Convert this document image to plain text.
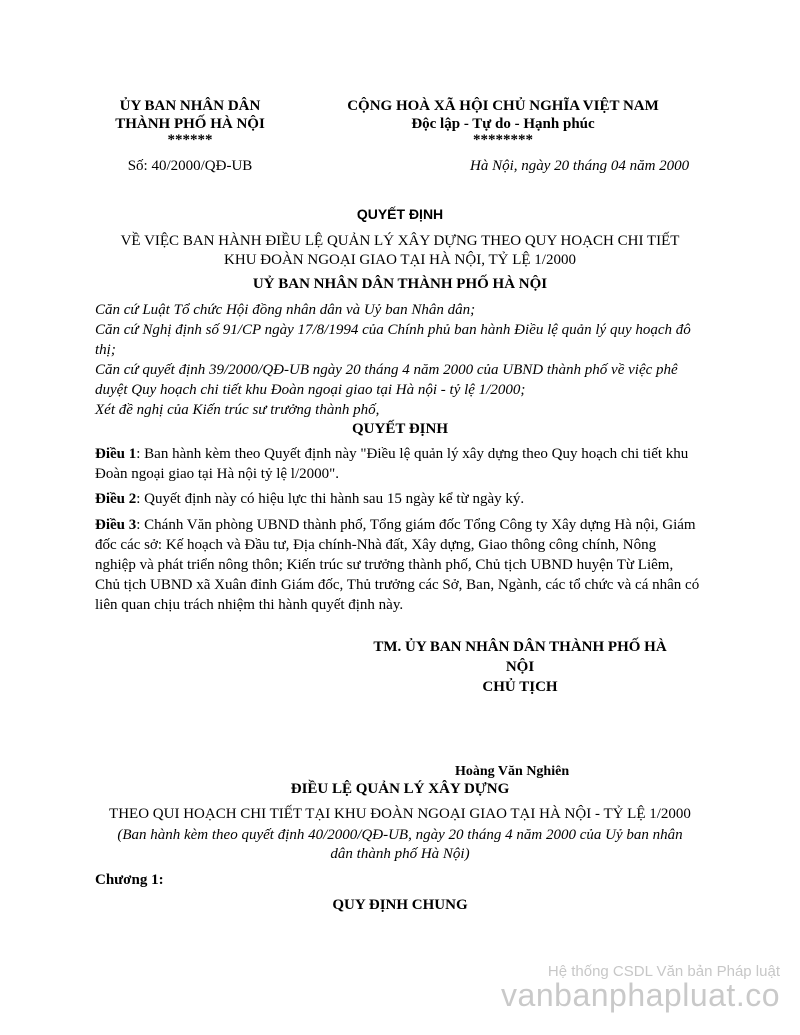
ỦY BAN NHÂN DÂN
THÀNH PHỐ HÀ NỘI
******
Số: 40/2000/QĐ-UB
CỘNG HOÀ XÃ HỘI CHỦ NGHĨA VIỆT NAM
Độc lập - Tự do - Hạnh phúc
********
Hà Nội, ngày 20 tháng 04 năm 2000
QUYẾT ĐỊNH
VỀ VIỆC BAN HÀNH ĐIỀU LỆ QUẢN LÝ XÂY DỰNG THEO QUY HOẠCH CHI TIẾT
KHU ĐOÀN NGOẠI GIAO TẠI HÀ NỘI, TỶ LỆ 1/2000
UỶ BAN NHÂN DÂN THÀNH PHỐ HÀ NỘI

Căn cứ Luật Tổ chức Hội đồng nhân dân và Uỷ ban Nhân dân;

Căn cứ Nghị định số 91/CP ngày 17/8/1994 của Chính phủ ban hành Điều lệ quản lý quy hoạch đô thị;

Căn cứ quyết định 39/2000/QĐ-UB ngày 20 tháng 4 năm 2000 của UBND thành phố về việc phê duyệt Quy hoạch chi tiết khu Đoàn ngoại giao tại Hà nội - tỷ lệ 1/2000;

Xét đề nghị của Kiến trúc sư trưởng thành phố,

QUYẾT ĐỊNH

Điều 1: Ban hành kèm theo Quyết định này "Điều lệ quản lý xây dựng theo Quy hoạch chi tiết khu Đoàn ngoại giao tại Hà nội tỷ lệ l/2000".

Điều 2: Quyết định này có hiệu lực thi hành sau 15 ngày kể từ ngày ký.

Điều 3: Chánh Văn phòng UBND thành phố, Tổng giám đốc Tổng Công ty Xây dựng Hà nội, Giám đốc các sở: Kế hoạch và Đầu tư, Địa chính-Nhà đất, Xây dựng, Giao thông công chính, Nông nghiệp và phát triển nông thôn; Kiến trúc sư trưởng thành phố, Chủ tịch UBND huyện Từ Liêm, Chủ tịch UBND xã Xuân đỉnh Giám đốc, Thủ trưởng các Sở, Ban, Ngành, các tổ chức và cá nhân có liên quan chịu trách nhiệm thi hành quyết định này.

TM. ỦY BAN NHÂN DÂN THÀNH PHỐ HÀ
NỘI
CHỦ TỊCH
Hoàng Văn Nghiên
ĐIỀU LỆ QUẢN LÝ XÂY DỰNG
THEO QUI HOẠCH CHI TIẾT TẠI KHU ĐOÀN NGOẠI GIAO TẠI HÀ NỘI - TỶ LỆ 1/2000
(Ban hành kèm theo quyết định 40/2000/QĐ-UB, ngày 20 tháng 4 năm 2000 của Uỷ ban nhân
dân thành phố Hà Nội)
Chương 1:
QUY ĐỊNH CHUNG
Hệ thống CSDL Văn bản Pháp luật
vanbanphapluat.co
